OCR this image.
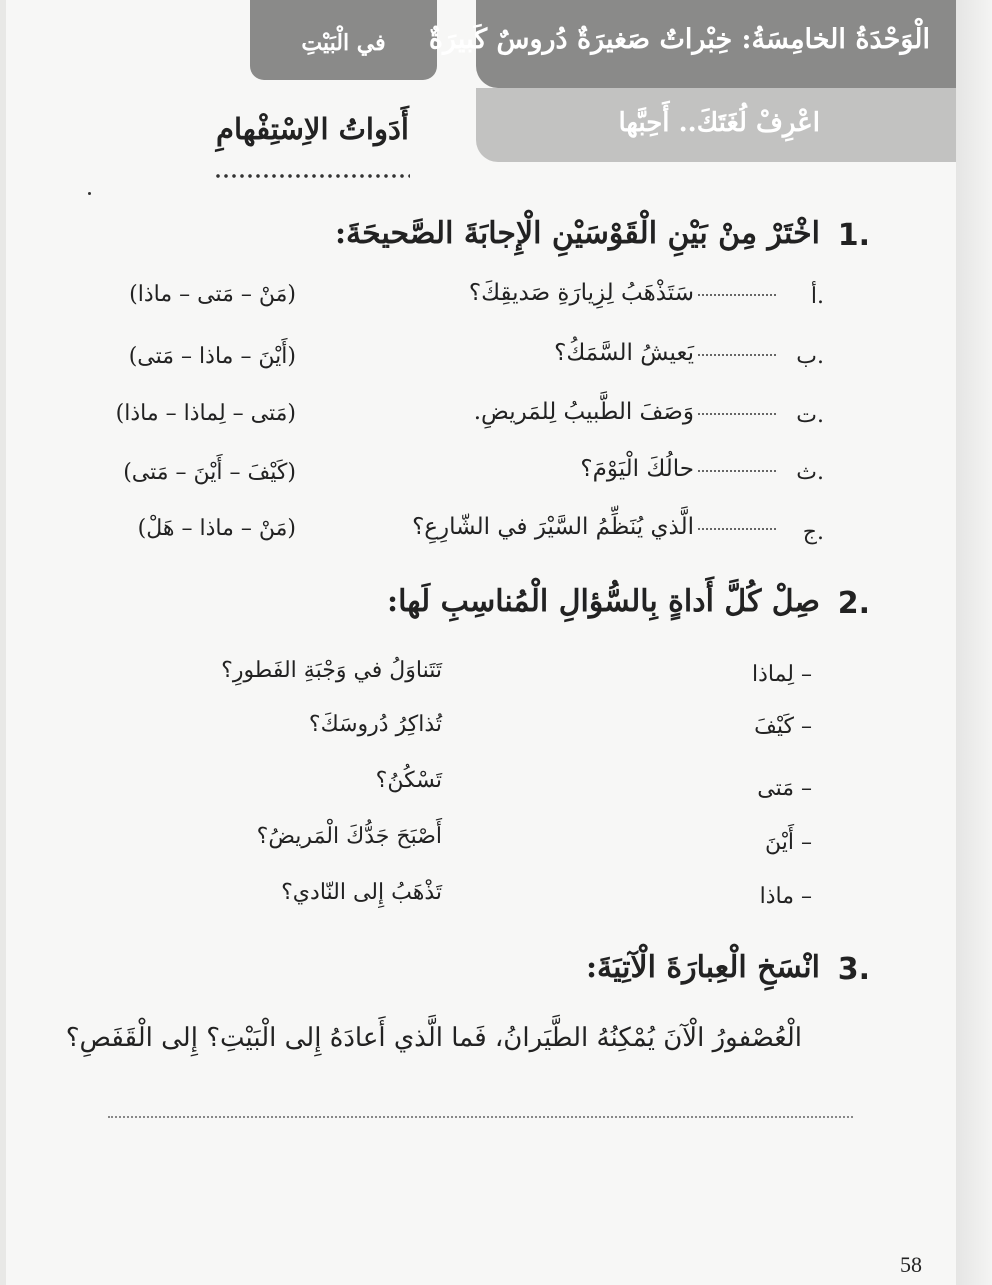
الْوَحْدَةُ الخامِسَةُ: خِبْراتٌ صَغيرَةٌ دُروسٌ كَبيرَةٌ
في الْبَيْتِ
اعْرِفْ لُغَتَكَ.. أَحِبَّها
أَدَواتُ الاِسْتِفْهامِ
1.
اخْتَرْ مِنْ بَيْنِ الْقَوْسَيْنِ الْإِجابَةَ الصَّحيحَةَ:
أ.
سَتَذْهَبُ لِزِيارَةِ صَديقِكَ؟
(مَنْ – مَتى – ماذا)
ب.
يَعيشُ السَّمَكُ؟
(أَيْنَ – ماذا – مَتى)
ت.
وَصَفَ الطَّبيبُ لِلمَريضِ.
(مَتى – لِماذا – ماذا)
ث.
حالُكَ الْيَوْمَ؟
(كَيْفَ – أَيْنَ – مَتى)
ج.
الَّذي يُنَظِّمُ السَّيْرَ في الشّارِعِ؟
(مَنْ – ماذا – هَلْ)
2.
صِلْ كُلَّ أَداةٍ بِالسُّؤالِ الْمُناسِبِ لَها:
– لِماذا
– كَيْفَ
– مَتى
– أَيْنَ
– ماذا
تَتَناوَلُ في وَجْبَةِ الفَطورِ؟
تُذاكِرُ دُروسَكَ؟
تَسْكُنُ؟
أَصْبَحَ جَدُّكَ الْمَريضُ؟
تَذْهَبُ إِلى النّادي؟
3.
انْسَخِ الْعِبارَةَ الْآتِيَةَ:
الْعُصْفورُ الْآنَ يُمْكِنُهُ الطَّيَرانُ، فَما الَّذي أَعادَهُ إِلى الْبَيْتِ؟ إِلى الْقَفَصِ؟
58
